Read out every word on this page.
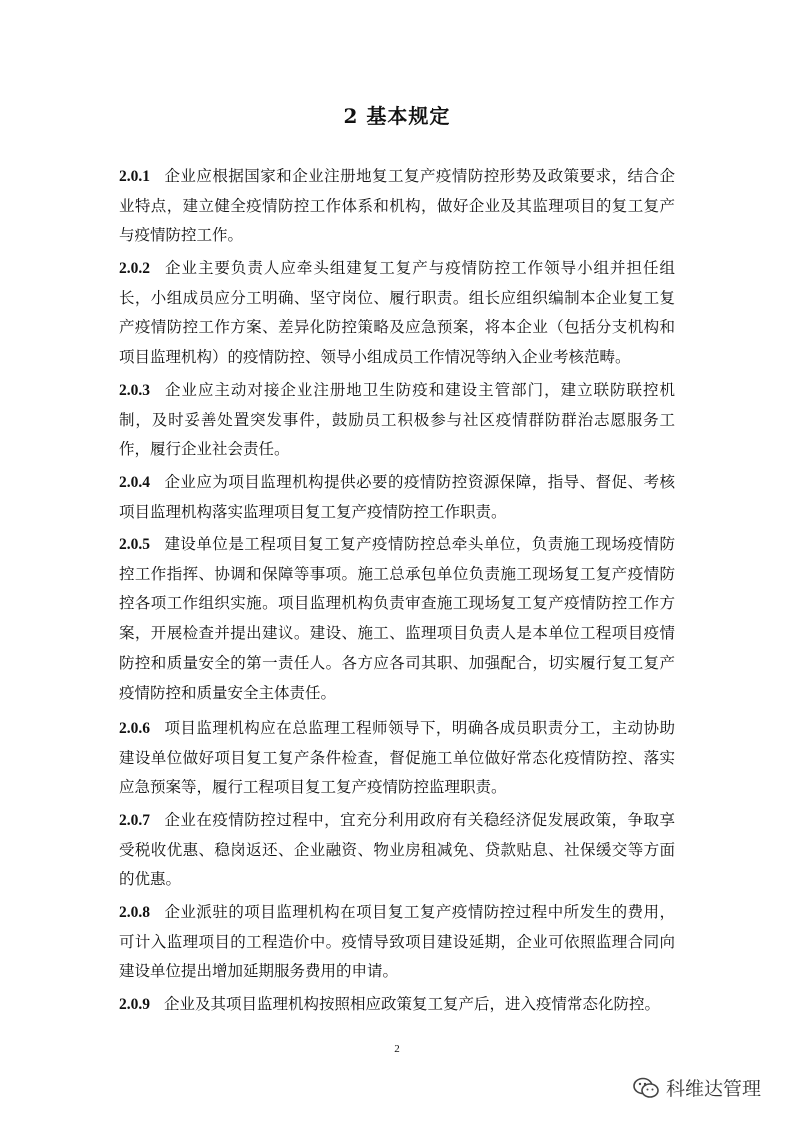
2 基本规定
2.0.1 企业应根据国家和企业注册地复工复产疫情防控形势及政策要求，结合企业特点，建立健全疫情防控工作体系和机构，做好企业及其监理项目的复工复产与疫情防控工作。
2.0.2 企业主要负责人应牵头组建复工复产与疫情防控工作领导小组并担任组长，小组成员应分工明确、坚守岗位、履行职责。组长应组织编制本企业复工复产疫情防控工作方案、差异化防控策略及应急预案，将本企业（包括分支机构和项目监理机构）的疫情防控、领导小组成员工作情况等纳入企业考核范畴。
2.0.3 企业应主动对接企业注册地卫生防疫和建设主管部门，建立联防联控机制，及时妥善处置突发事件，鼓励员工积极参与社区疫情群防群治志愿服务工作，履行企业社会责任。
2.0.4 企业应为项目监理机构提供必要的疫情防控资源保障，指导、督促、考核项目监理机构落实监理项目复工复产疫情防控工作职责。
2.0.5 建设单位是工程项目复工复产疫情防控总牵头单位，负责施工现场疫情防控工作指挥、协调和保障等事项。施工总承包单位负责施工现场复工复产疫情防控各项工作组织实施。项目监理机构负责审查施工现场复工复产疫情防控工作方案，开展检查并提出建议。建设、施工、监理项目负责人是本单位工程项目疫情防控和质量安全的第一责任人。各方应各司其职、加强配合，切实履行复工复产疫情防控和质量安全主体责任。
2.0.6 项目监理机构应在总监理工程师领导下，明确各成员职责分工，主动协助建设单位做好项目复工复产条件检查，督促施工单位做好常态化疫情防控、落实应急预案等，履行工程项目复工复产疫情防控监理职责。
2.0.7 企业在疫情防控过程中，宜充分利用政府有关稳经济促发展政策，争取享受税收优惠、稳岗返还、企业融资、物业房租减免、贷款贴息、社保缓交等方面的优惠。
2.0.8 企业派驻的项目监理机构在项目复工复产疫情防控过程中所发生的费用，可计入监理项目的工程造价中。疫情导致项目建设延期，企业可依照监理合同向建设单位提出增加延期服务费用的申请。
2.0.9 企业及其项目监理机构按照相应政策复工复产后，进入疫情常态化防控。
2
科维达管理
